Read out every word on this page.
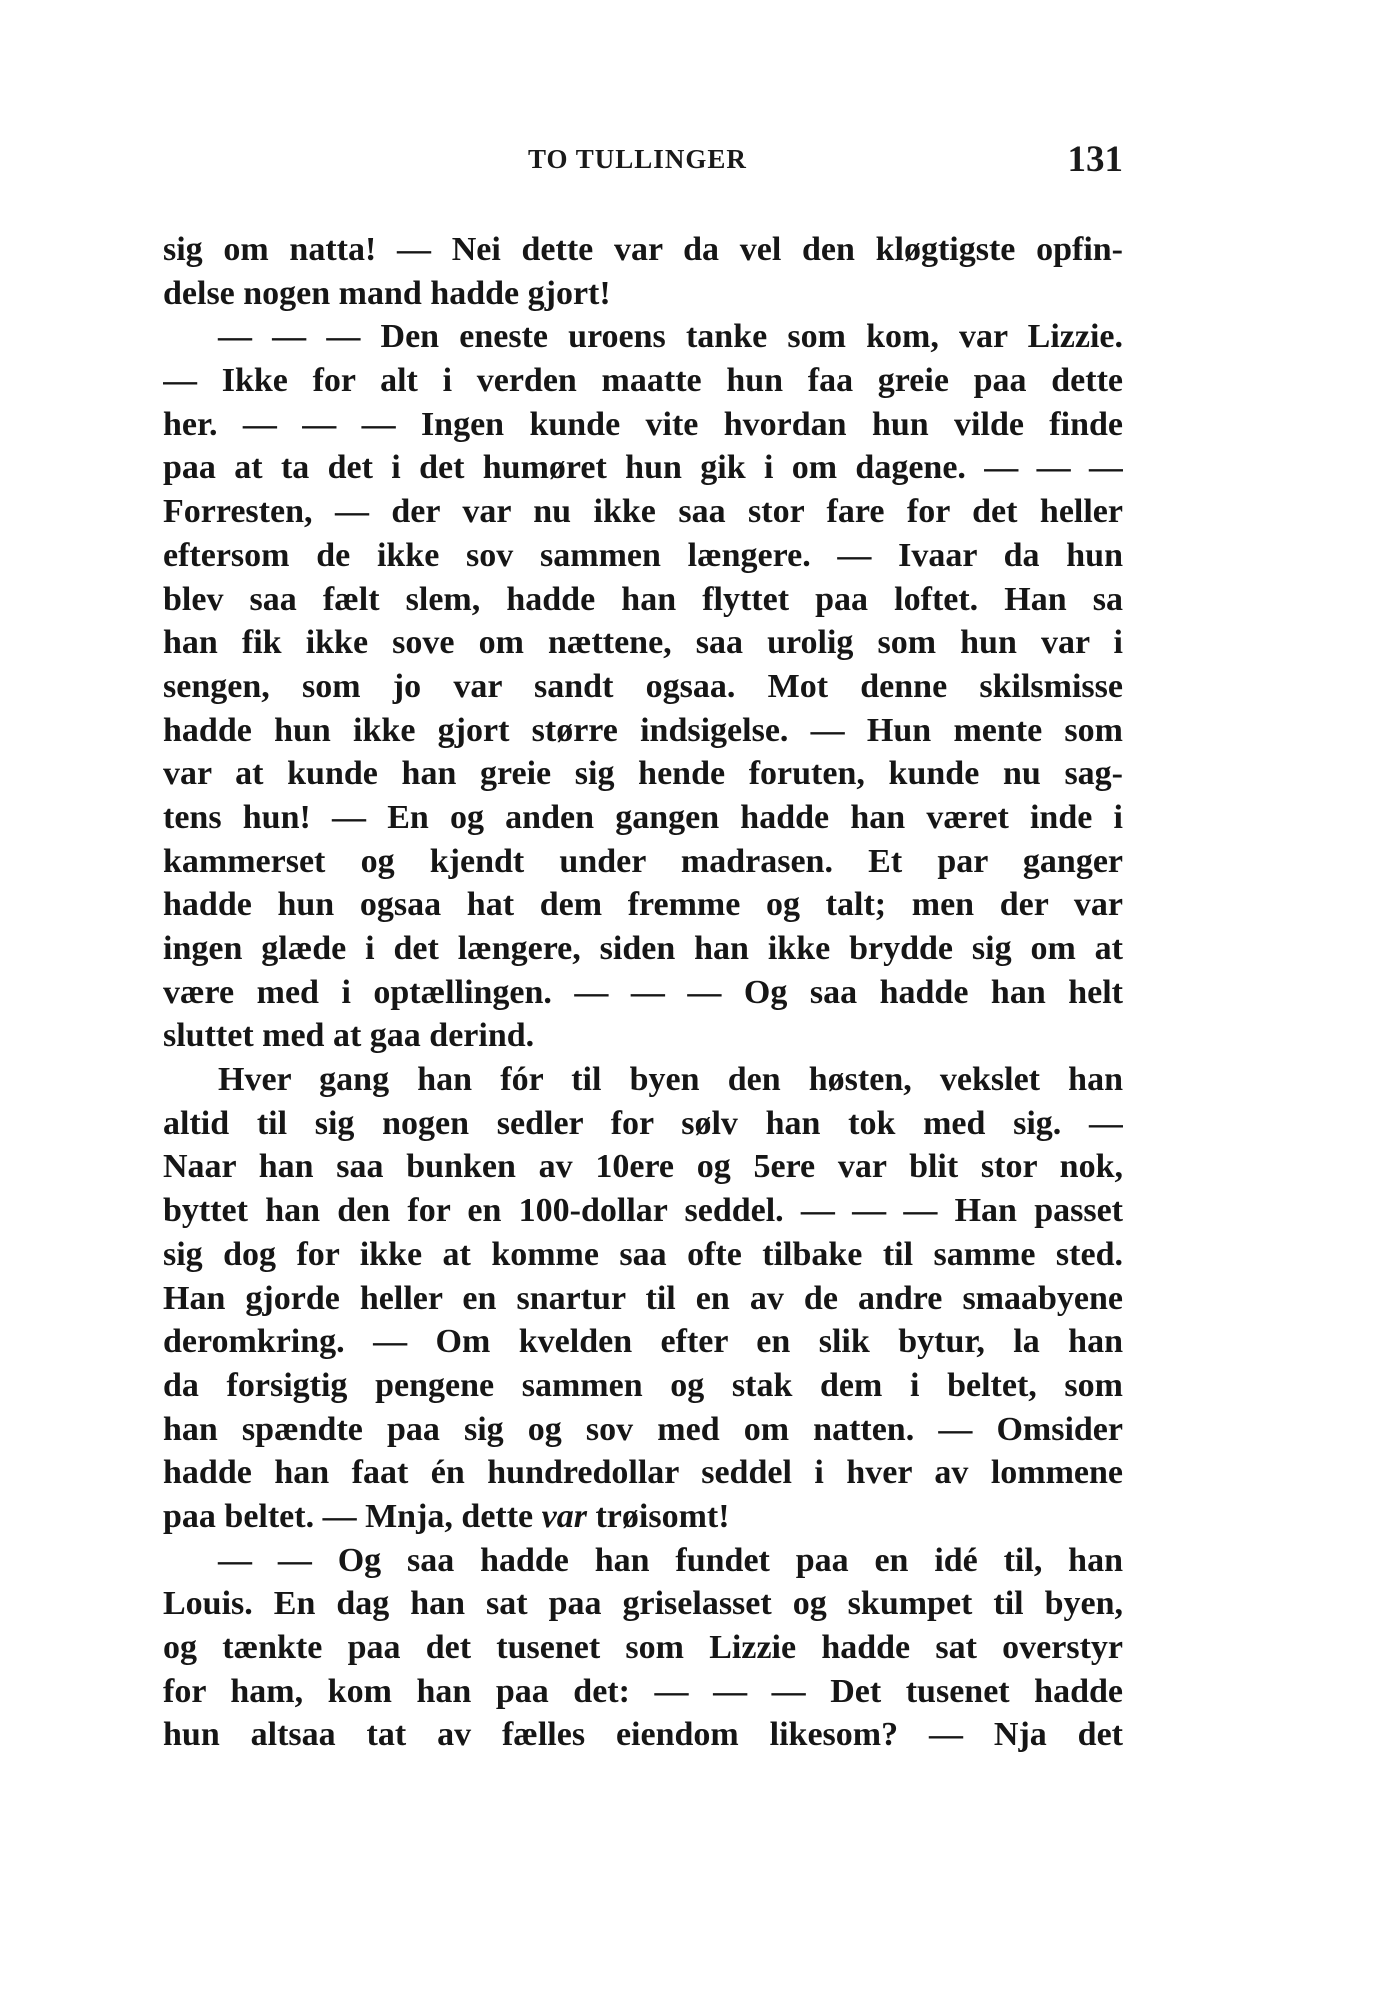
TO TULLINGER	131
sig om natta! — Nei dette var da vel den kløgtigste opfin-
delse nogen mand hadde gjort!
— — — Den eneste uroens tanke som kom, var Lizzie.
— Ikke for alt i verden maatte hun faa greie paa dette
her. — — — Ingen kunde vite hvordan hun vilde finde
paa at ta det i det humøret hun gik i om dagene. — — —
Forresten, — der var nu ikke saa stor fare for det heller
eftersom de ikke sov sammen længere. — Ivaar da hun
blev saa fælt slem, hadde han flyttet paa loftet. Han sa
han fik ikke sove om nættene, saa urolig som hun var i
sengen, som jo var sandt ogsaa. Mot denne skilsmisse
hadde hun ikke gjort større indsigelse. — Hun mente som
var at kunde han greie sig hende foruten, kunde nu sag-
tens hun! — En og anden gangen hadde han været inde i
kammerset og kjendt under madrasen. Et par ganger
hadde hun ogsaa hat dem fremme og talt; men der var
ingen glæde i det længere, siden han ikke brydde sig om at
være med i optællingen. — — — Og saa hadde han helt
sluttet med at gaa derind.
Hver gang han fór til byen den høsten, vekslet han
altid til sig nogen sedler for sølv han tok med sig. —
Naar han saa bunken av 10ere og 5ere var blit stor nok,
byttet han den for en 100-dollar seddel. — — — Han passet
sig dog for ikke at komme saa ofte tilbake til samme sted.
Han gjorde heller en snartur til en av de andre smaabyene
deromkring. — Om kvelden efter en slik bytur, la han
da forsigtig pengene sammen og stak dem i beltet, som
han spændte paa sig og sov med om natten. — Omsider
hadde han faat én hundredollar seddel i hver av lommene
paa beltet. — Mnja, dette var trøisomt!
— — Og saa hadde han fundet paa en idé til, han
Louis. En dag han sat paa griselasset og skumpet til byen,
og tænkte paa det tusenet som Lizzie hadde sat overstyr
for ham, kom han paa det: — — — Det tusenet hadde
hun altsaa tat av fælles eiendom likesom? — Nja det
